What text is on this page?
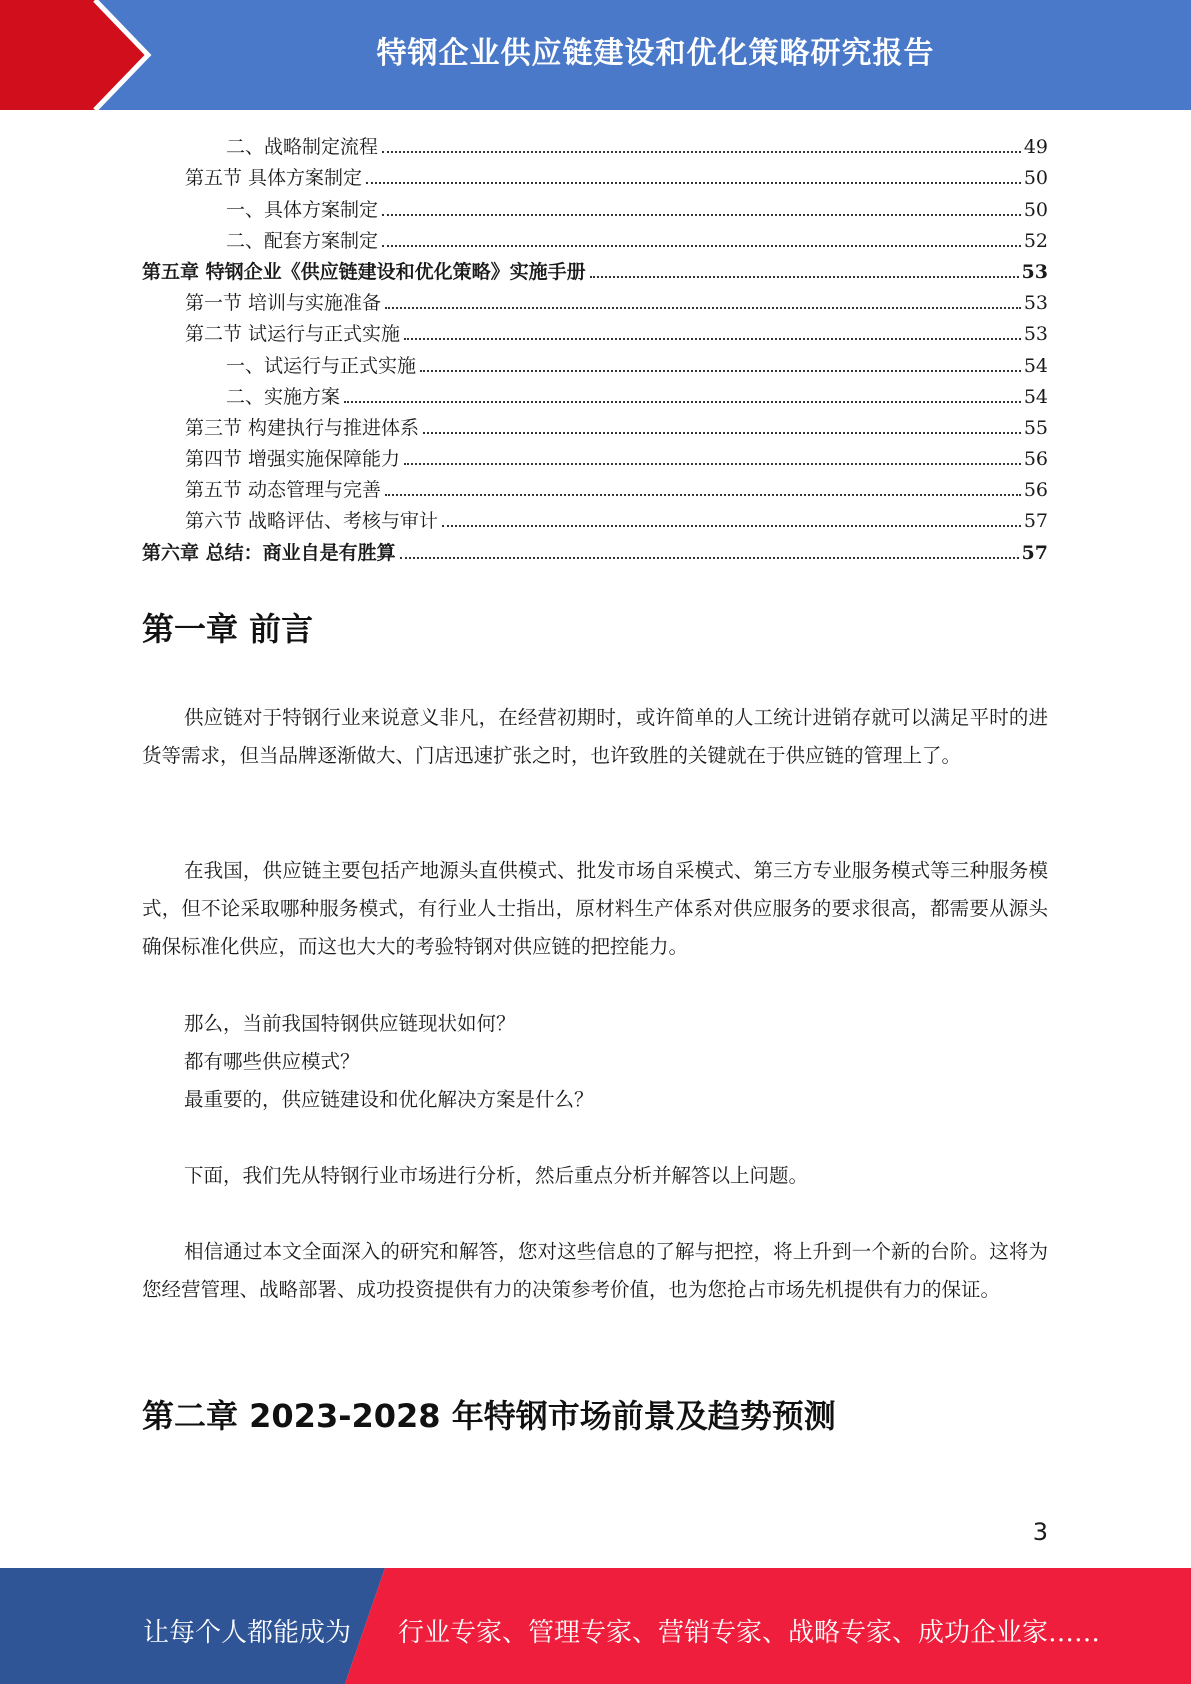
特钢企业供应链建设和优化策略研究报告
二、战略制定流程	49
第五节 具体方案制定	50
一、具体方案制定	50
二、配套方案制定	52
第五章 特钢企业《供应链建设和优化策略》实施手册	53
第一节 培训与实施准备	53
第二节 试运行与正式实施	53
一、试运行与正式实施	54
二、实施方案	54
第三节 构建执行与推进体系	55
第四节 增强实施保障能力	56
第五节 动态管理与完善	56
第六节 战略评估、考核与审计	57
第六章 总结：商业自是有胜算	57
第一章 前言
供应链对于特钢行业来说意义非凡，在经营初期时，或许简单的人工统计进销存就可以满足平时的进货等需求，但当品牌逐渐做大、门店迅速扩张之时，也许致胜的关键就在于供应链的管理上了。
在我国，供应链主要包括产地源头直供模式、批发市场自采模式、第三方专业服务模式等三种服务模式，但不论采取哪种服务模式，有行业人士指出，原材料生产体系对供应服务的要求很高，都需要从源头确保标准化供应，而这也大大的考验特钢对供应链的把控能力。
那么，当前我国特钢供应链现状如何？
都有哪些供应模式？
最重要的，供应链建设和优化解决方案是什么？
下面，我们先从特钢行业市场进行分析，然后重点分析并解答以上问题。
相信通过本文全面深入的研究和解答，您对这些信息的了解与把控，将上升到一个新的台阶。这将为您经营管理、战略部署、成功投资提供有力的决策参考价值，也为您抢占市场先机提供有力的保证。
第二章 2023-2028 年特钢市场前景及趋势预测
3
让每个人都能成为 行业专家、管理专家、营销专家、战略专家、成功企业家……
